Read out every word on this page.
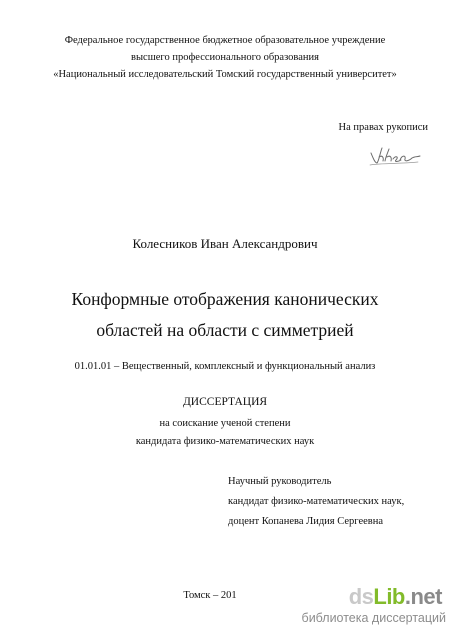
Федеральное государственное бюджетное образовательное учреждение
высшего профессионального образования
«Национальный исследовательский Томский государственный университет»
На правах рукописи
Колесников Иван Александрович
Конформные отображения канонических
областей на области с симметрией
01.01.01 – Вещественный, комплексный и функциональный анализ
ДИССЕРТАЦИЯ
на соискание ученой степени
кандидата физико-математических наук
Научный руководитель
кандидат физико-математических наук,
доцент Копанева Лидия Сергеевна
Томск – 201	dsLib.net
библиотека диссертаций
